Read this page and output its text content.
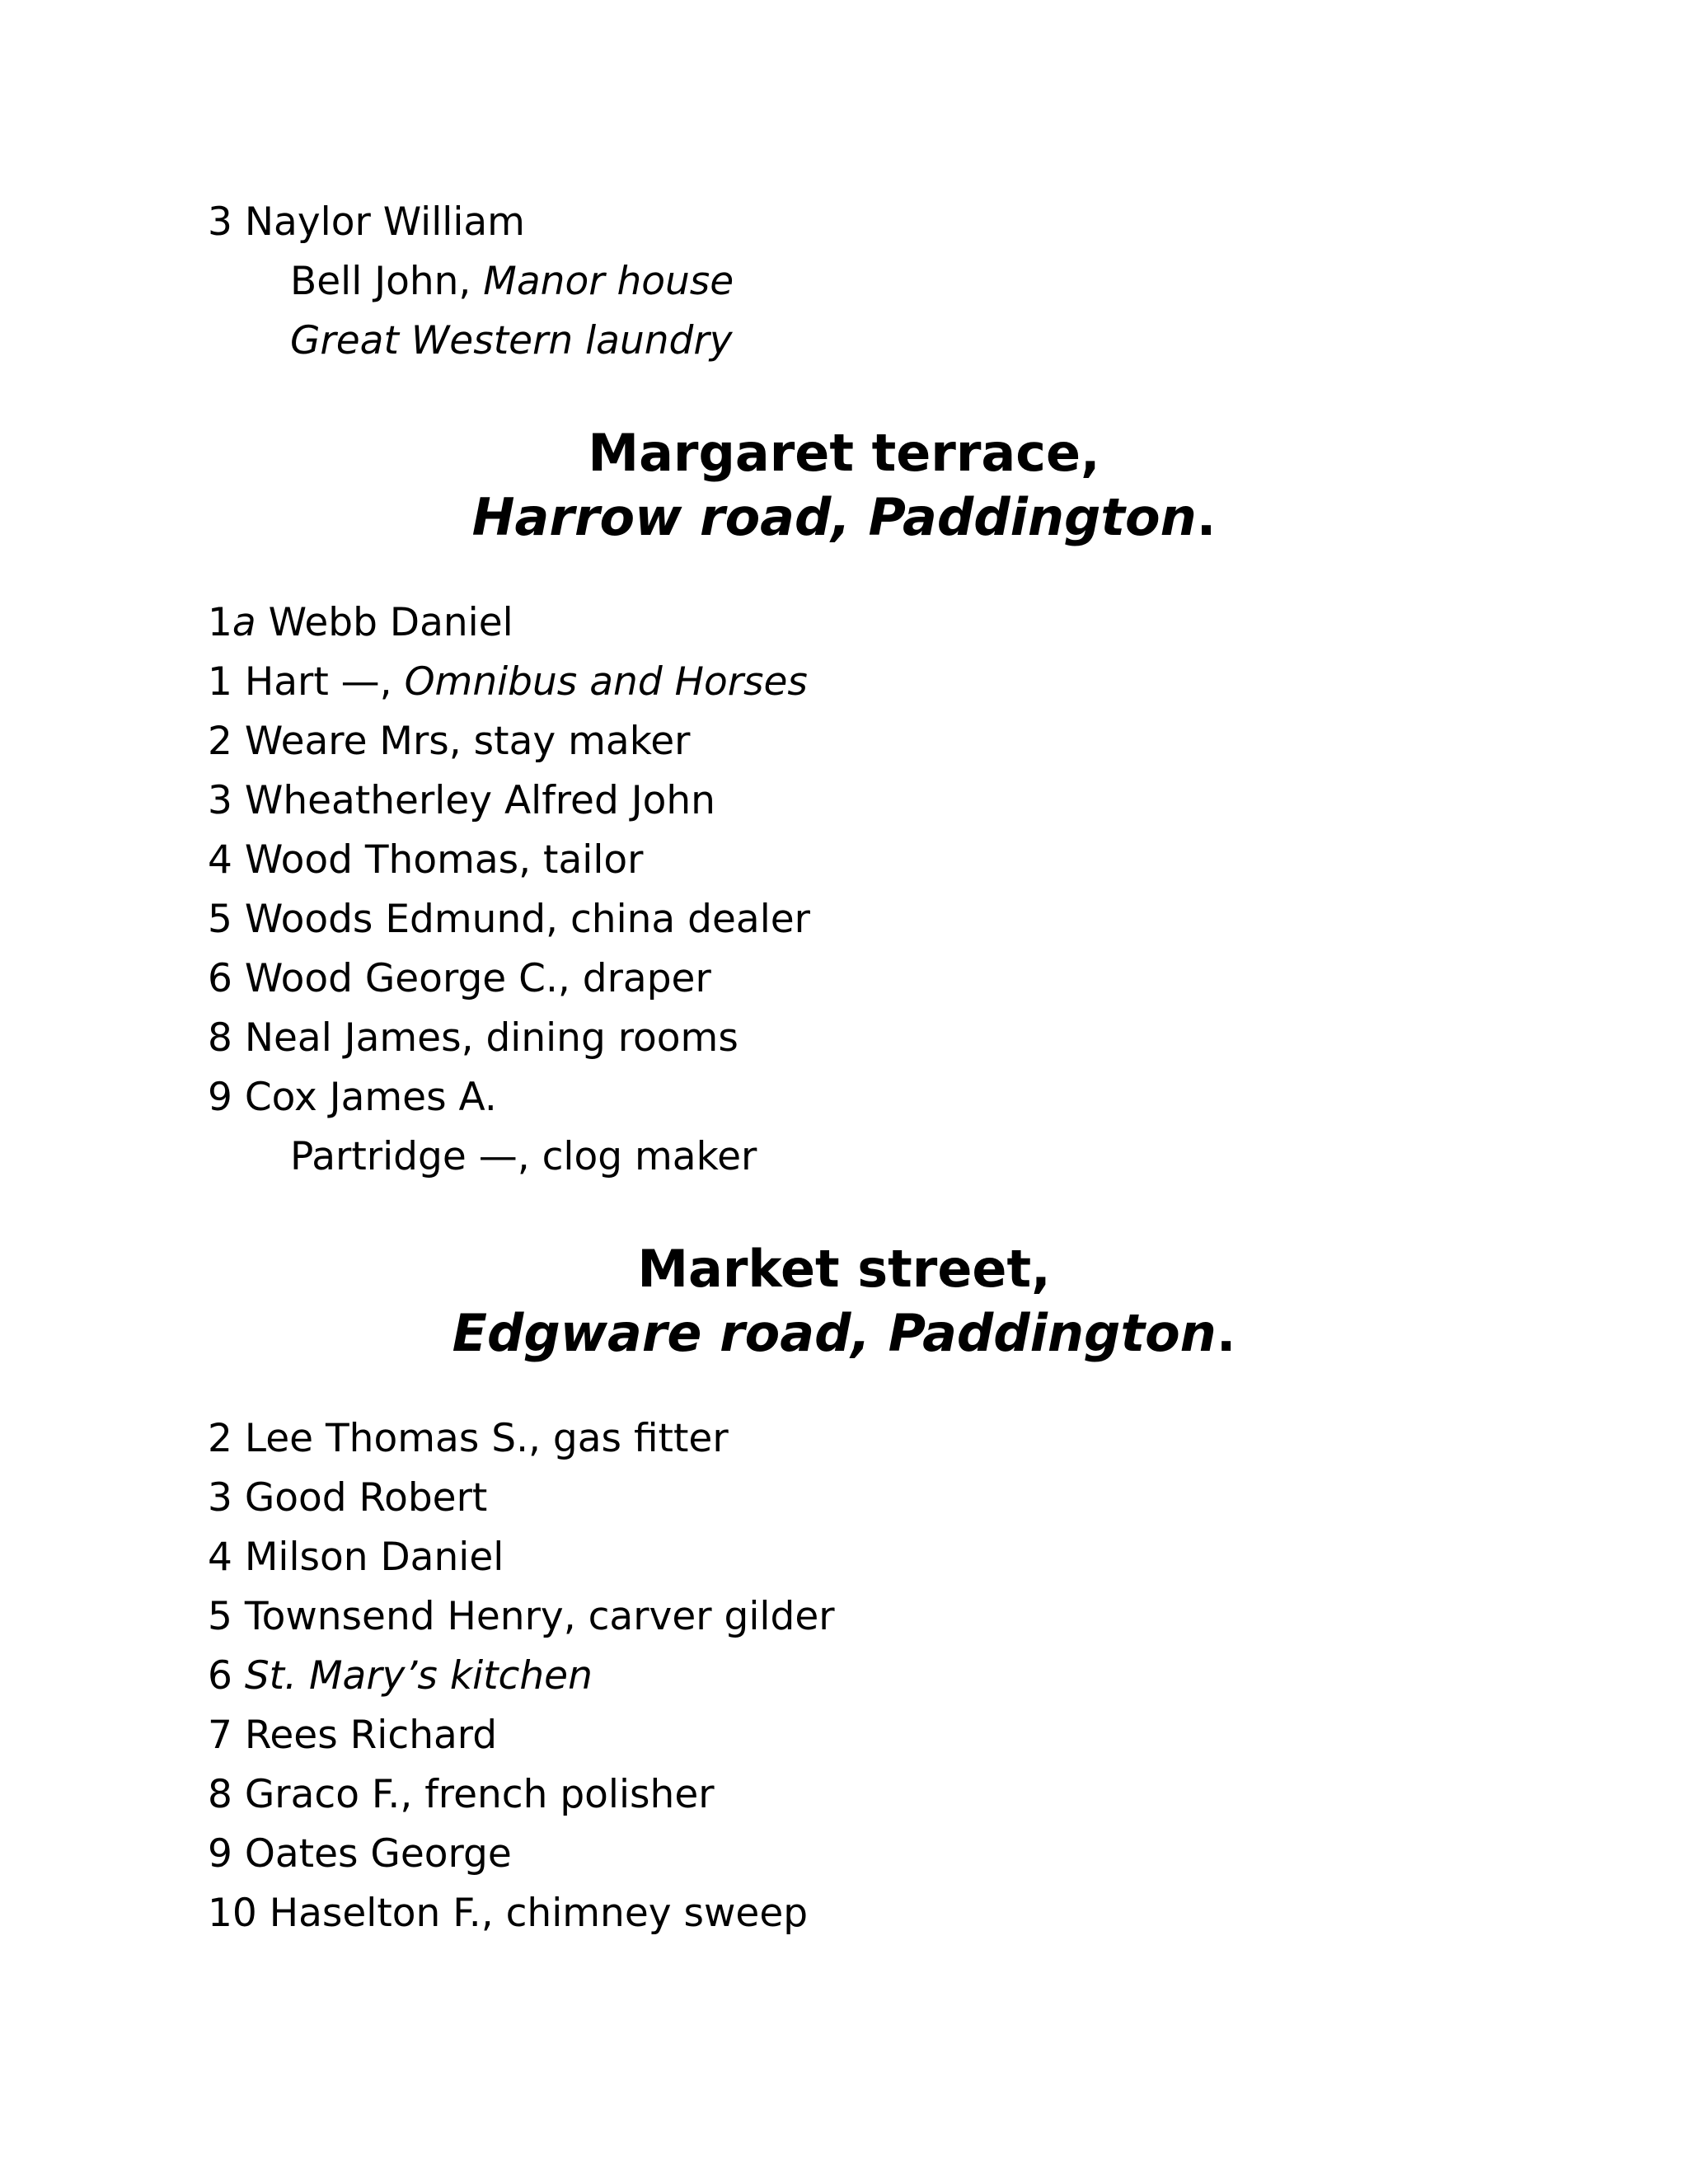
3 Naylor William
Bell John, Manor house
Great Western laundry
Margaret terrace,
Harrow road, Paddington.
1a Webb Daniel
1 Hart —, Omnibus and Horses
2 Weare Mrs, stay maker
3 Wheatherley Alfred John
4 Wood Thomas, tailor
5 Woods Edmund, china dealer
6 Wood George C., draper
8 Neal James, dining rooms
9 Cox James A.
Partridge —, clog maker
Market street,
Edgware road, Paddington.
2 Lee Thomas S., gas fitter
3 Good Robert
4 Milson Daniel
5 Townsend Henry, carver gilder
6 St. Mary’s kitchen
7 Rees Richard
8 Graco F., french polisher
9 Oates George
10 Haselton F., chimney sweep
